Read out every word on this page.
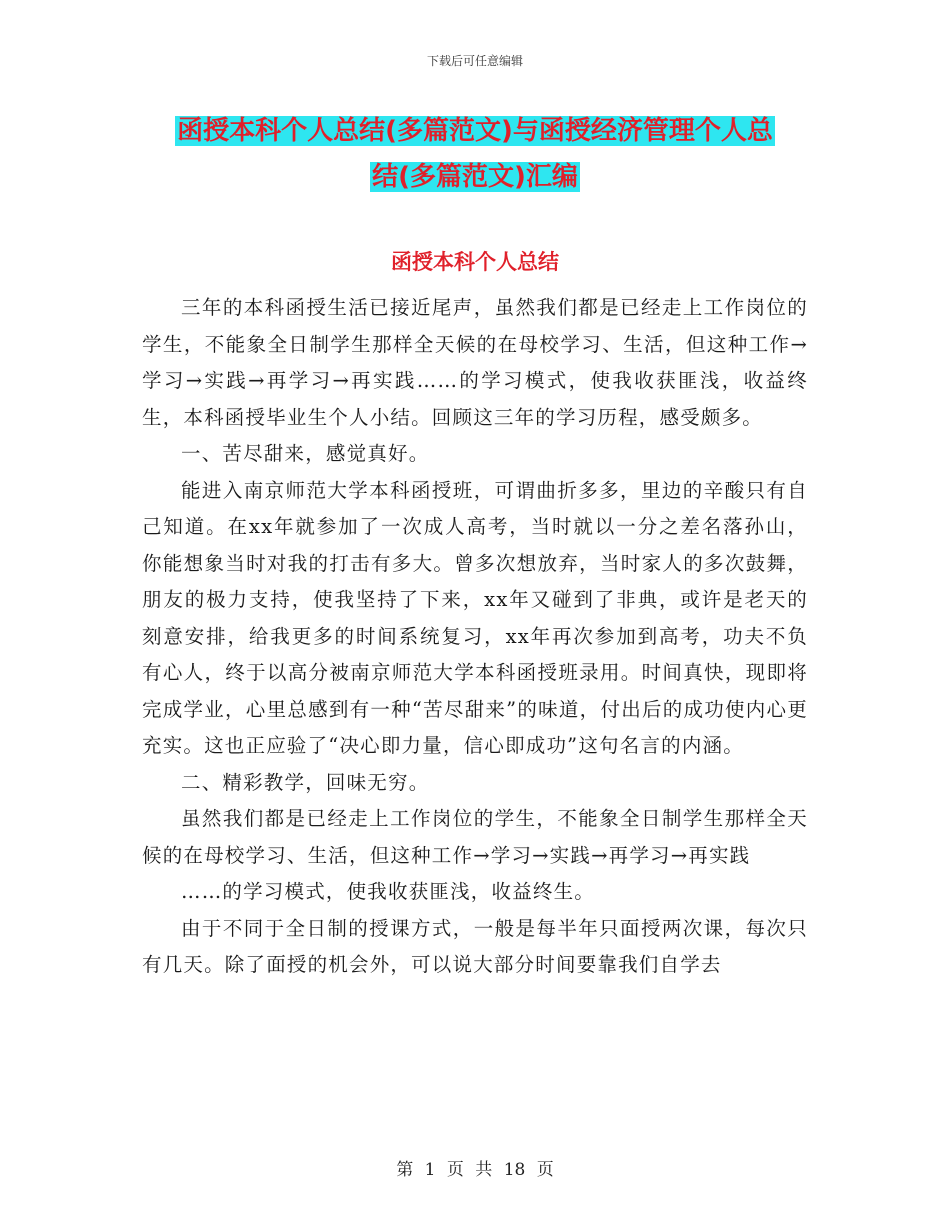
下载后可任意编辑
函授本科个人总结(多篇范文)与函授经济管理个人总
结(多篇范文)汇编
函授本科个人总结

三年的本科函授生活已接近尾声，虽然我们都是已经走上工作岗位的学生，不能象全日制学生那样全天候的在母校学习、生活，但这种工作→学习→实践→再学习→再实践……的学习模式，使我收获匪浅，收益终生，本科函授毕业生个人小结。回顾这三年的学习历程，感受颇多。

一、苦尽甜来，感觉真好。

能进入南京师范大学本科函授班，可谓曲折多多，里边的辛酸只有自己知道。在xx年就参加了一次成人高考，当时就以一分之差名落孙山，你能想象当时对我的打击有多大。曾多次想放弃，当时家人的多次鼓舞，朋友的极力支持，使我坚持了下来，xx年又碰到了非典，或许是老天的刻意安排，给我更多的时间系统复习，xx年再次参加到高考，功夫不负有心人，终于以高分被南京师范大学本科函授班录用。时间真快，现即将完成学业，心里总感到有一种“苦尽甜来”的味道，付出后的成功使内心更充实。这也正应验了“决心即力量，信心即成功”这句名言的内涵。

二、精彩教学，回味无穷。

虽然我们都是已经走上工作岗位的学生，不能象全日制学生那样全天候的在母校学习、生活，但这种工作→学习→实践→再学习→再实践

……的学习模式，使我收获匪浅，收益终生。

由于不同于全日制的授课方式，一般是每半年只面授两次课，每次只有几天。除了面授的机会外，可以说大部分时间要靠我们自学去

第 1 页 共 18 页
